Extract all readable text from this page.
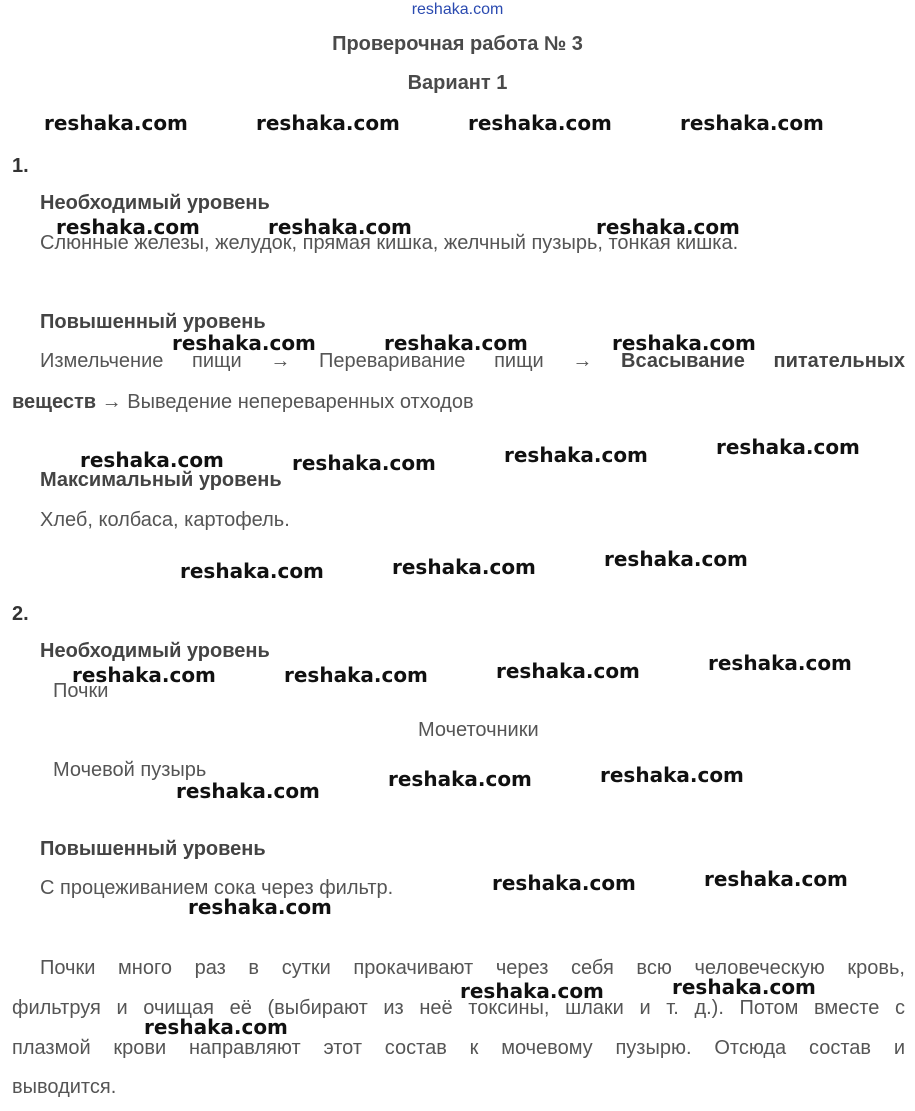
reshaka.com
Проверочная работа № 3
Вариант 1
1.
Необходимый уровень
Слюнные железы, желудок, прямая кишка, желчный пузырь, тонкая кишка.
Повышенный уровень
Измельчение пищи → Переваривание пищи → Всасывание питательных
веществ → Выведение непереваренных отходов
Максимальный уровень
Хлеб, колбаса, картофель.
2.
Необходимый уровень
Почки
Мочеточники
Мочевой пузырь
Повышенный уровень
С процеживанием сока через фильтр.
Почки много раз в сутки прокачивают через себя всю человеческую кровь,
фильтруя и очищая её (выбирают из неё токсины, шлаки и т. д.). Потом вместе с
плазмой крови направляют этот состав к мочевому пузырю. Отсюда состав и
выводится.
reshaka.com	reshaka.com	reshaka.com	reshaka.com
reshaka.com	reshaka.com	reshaka.com
reshaka.com	reshaka.com	reshaka.com
reshaka.com
reshaka.com
reshaka.com	reshaka.com
reshaka.com
reshaka.com
reshaka.com
reshaka.com
reshaka.com
reshaka.com	reshaka.com
reshaka.com
reshaka.com
reshaka.com
reshaka.com
reshaka.com
reshaka.com
reshaka.com
reshaka.com
reshaka.com
